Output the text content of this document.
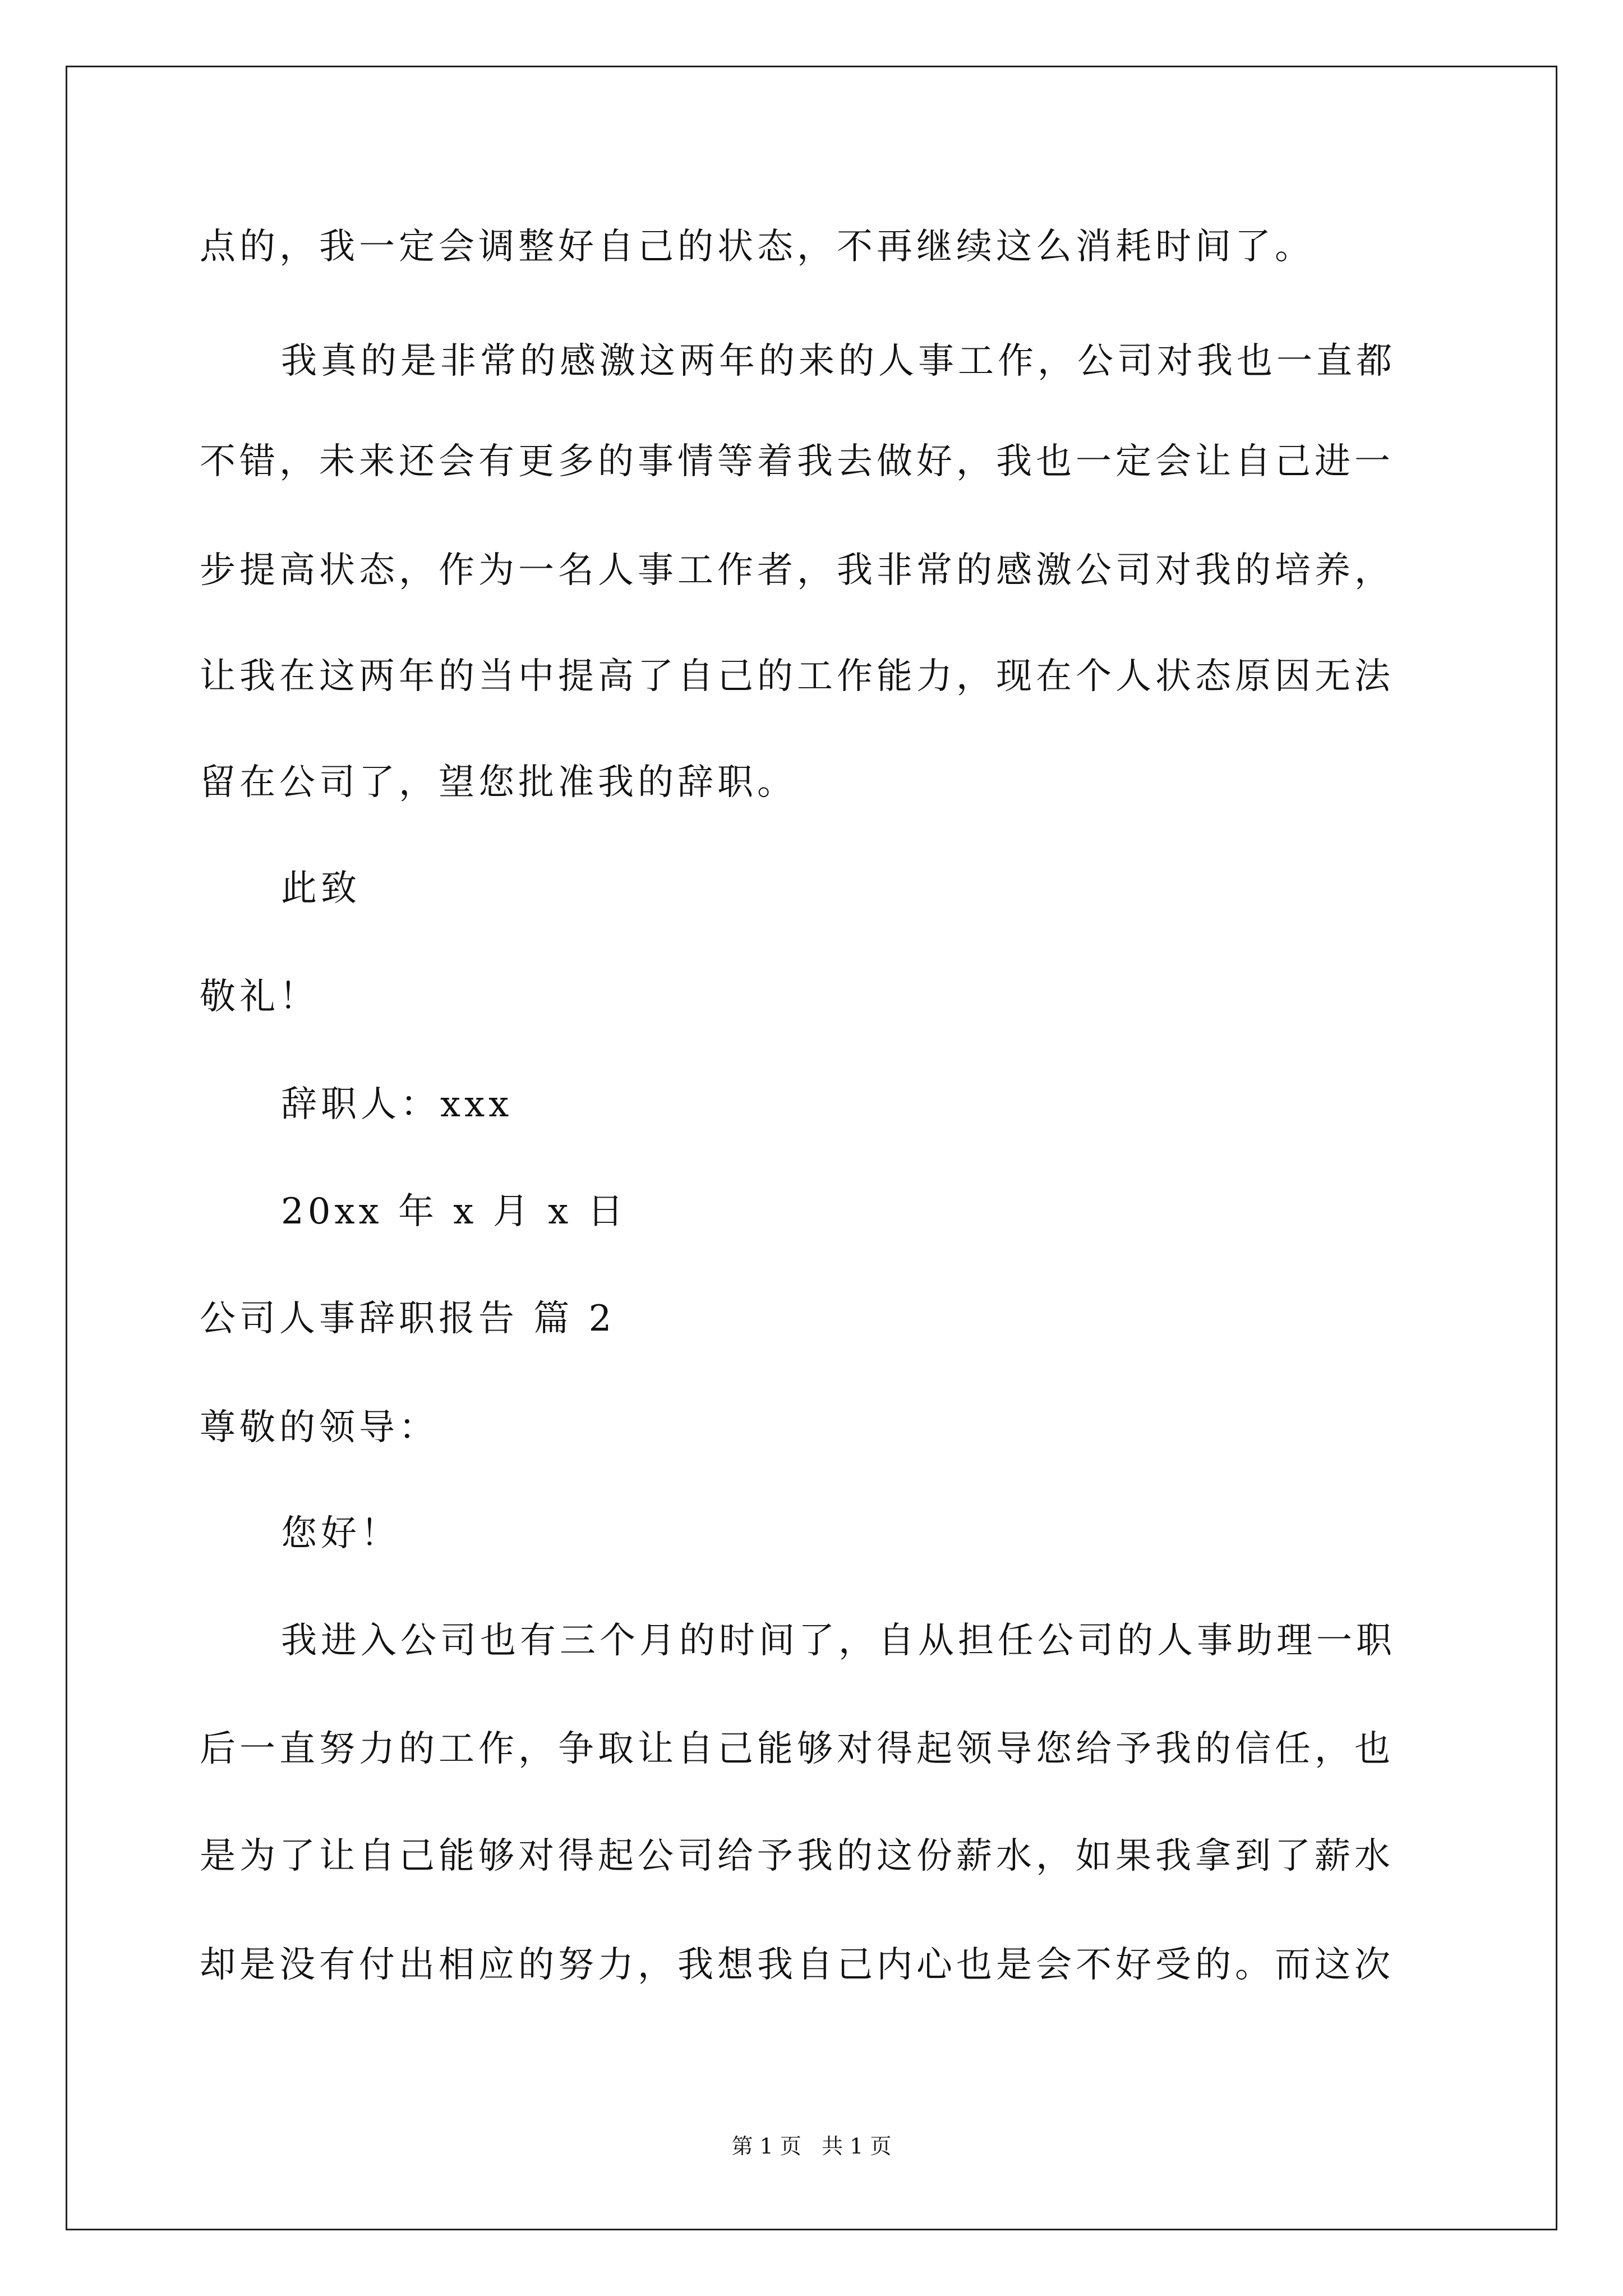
点的，我一定会调整好自己的状态，不再继续这么消耗时间了。
我真的是非常的感激这两年的来的人事工作，公司对我也一直都
不错，未来还会有更多的事情等着我去做好，我也一定会让自己进一
步提高状态，作为一名人事工作者，我非常的感激公司对我的培养，
让我在这两年的当中提高了自己的工作能力，现在个人状态原因无法
留在公司了，望您批准我的辞职。
此致
敬礼！
辞职人：xxx
20xx 年 x 月 x 日
公司人事辞职报告 篇 2
尊敬的领导：
您好！
我进入公司也有三个月的时间了，自从担任公司的人事助理一职
后一直努力的工作，争取让自己能够对得起领导您给予我的信任，也
是为了让自己能够对得起公司给予我的这份薪水，如果我拿到了薪水
却是没有付出相应的努力，我想我自己内心也是会不好受的。而这次
第 1 页   共 1 页
